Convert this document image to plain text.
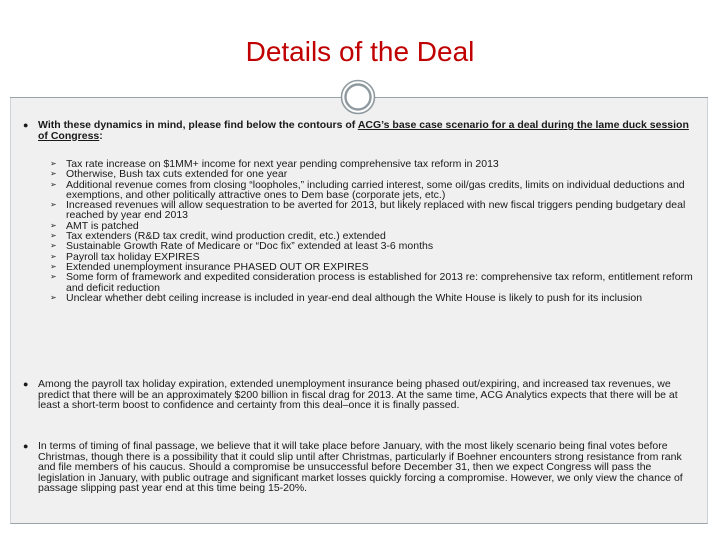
Details of the Deal
● With these dynamics in mind, please find below the contours of ACG’s base case scenario for a deal during the lame duck session of Congress:
➢ Tax rate increase on $1MM+ income for next year pending comprehensive tax reform in 2013
➢ Otherwise, Bush tax cuts extended for one year
➢ Additional revenue comes from closing “loopholes,” including carried interest, some oil/gas credits, limits on individual deductions and exemptions, and other politically attractive ones to Dem base (corporate jets, etc.)
➢ Increased revenues will allow sequestration to be averted for 2013, but likely replaced with new fiscal triggers pending budgetary deal reached by year end 2013
➢ AMT is patched
➢ Tax extenders (R&D tax credit, wind production credit, etc.) extended
➢ Sustainable Growth Rate of Medicare or “Doc fix” extended at least 3-6 months
➢ Payroll tax holiday EXPIRES
➢ Extended unemployment insurance PHASED OUT OR EXPIRES
➢ Some form of framework and expedited consideration process is established for 2013 re: comprehensive tax reform, entitlement reform and deficit reduction
➢ Unclear whether debt ceiling increase is included in year-end deal although the White House is likely to push for its inclusion
● Among the payroll tax holiday expiration, extended unemployment insurance being phased out/expiring, and increased tax revenues, we predict that there will be an approximately $200 billion in fiscal drag for 2013. At the same time, ACG Analytics expects that there will be at least a short-term boost to confidence and certainty from this deal–once it is finally passed.
● In terms of timing of final passage, we believe that it will take place before January, with the most likely scenario being final votes before Christmas, though there is a possibility that it could slip until after Christmas, particularly if Boehner encounters strong resistance from rank and file members of his caucus. Should a compromise be unsuccessful before December 31, then we expect Congress will pass the legislation in January, with public outrage and significant market losses quickly forcing a compromise. However, we only view the chance of passage slipping past year end at this time being 15-20%.
